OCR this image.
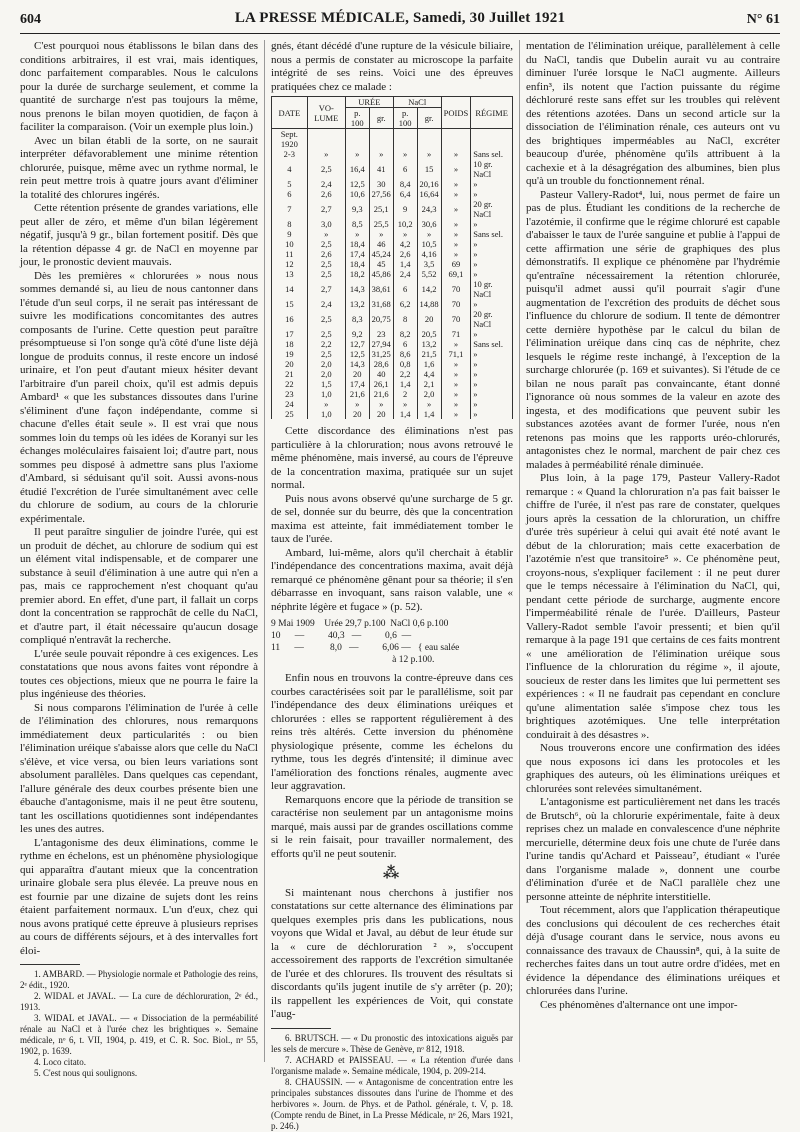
604	LA PRESSE MÉDICALE, Samedi, 30 Juillet 1921	N° 61

C'est pourquoi nous établissons le bilan dans des conditions arbitraires, il est vrai, mais identiques, donc parfaitement comparables. Nous le calculons pour la durée de surcharge seulement, et comme la quantité de surcharge n'est pas toujours la même, nous prenons le bilan moyen quotidien, de façon à faciliter la comparaison. (Voir un exemple plus loin.)

Avec un bilan établi de la sorte, on ne saurait interpréter défavorablement une minime rétention chlorurée, puisque, même avec un rythme normal, le rein peut mettre trois à quatre jours avant d'éliminer la totalité des chlorures ingérés.

Cette rétention présente de grandes variations, elle peut aller de zéro, et même d'un bilan légèrement négatif, jusqu'à 9 gr., bilan fortement positif. Dès que la rétention dépasse 4 gr. de NaCl en moyenne par jour, le pronostic devient mauvais.

Dès les premières « chlorurées » nous nous sommes demandé si, au lieu de nous cantonner dans l'étude d'un seul corps, il ne serait pas intéressant de suivre les modifications concomitantes des autres composants de l'urine. Cette question peut paraître présomptueuse si l'on songe qu'à côté d'une liste déjà longue de produits connus, il reste encore un indosé urinaire, et l'on peut d'autant mieux hésiter devant l'arbitraire d'un pareil choix, qu'il est admis depuis Ambard¹ « que les substances dissoutes dans l'urine s'éliminent d'une façon indépendante, comme si chacune d'elles était seule ». Il est vrai que nous sommes loin du temps où les idées de Koranyi sur les échanges moléculaires faisaient loi; d'autre part, nous sommes peu disposé à admettre sans plus l'axiome d'Ambard, si séduisant qu'il soit. Aussi avons-nous étudié l'excrétion de l'urée simultanément avec celle du chlorure de sodium, au cours de la chlorurie expérimentale.

Il peut paraître singulier de joindre l'urée, qui est un produit de déchet, au chlorure de sodium qui est un élément vital indispensable, et de comparer une substance à seuil d'élimination à une autre qui n'en a pas, mais ce rapprochement n'est choquant qu'au premier abord. En effet, d'une part, il fallait un corps dont la concentration se rapprochât de celle du NaCl, et d'autre part, il était nécessaire qu'aucun dosage compliqué n'entravât la recherche.

L'urée seule pouvait répondre à ces exigences. Les constatations que nous avons faites vont répondre à toutes ces objections, mieux que ne pourra le faire la plus ingénieuse des théories.

Si nous comparons l'élimination de l'urée à celle de l'élimination des chlorures, nous remarquons immédiatement deux particularités : ou bien l'élimination uréique s'abaisse alors que celle du NaCl s'élève, et vice versa, ou bien leurs variations sont absolument parallèles. Dans quelques cas cependant, l'allure générale des deux courbes présente bien une ébauche d'antagonisme, mais il ne peut être soutenu, tant les oscillations quotidiennes sont indépendantes les unes des autres.

L'antagonisme des deux éliminations, comme le rythme en échelons, est un phénomène physiologique qui apparaîtra d'autant mieux que la concentration urinaire globale sera plus élevée. La preuve nous en est fournie par une dizaine de sujets dont les reins étaient parfaitement normaux. L'un d'eux, chez qui nous avons pratiqué cette épreuve à plusieurs reprises au cours de différents séjours, et à des intervalles fort éloi-

1. AMBARD. — Physiologie normale et Pathologie des reins, 2ᵉ édit., 1920.

2. WIDAL et JAVAL. — La cure de déchloruration, 2ᵉ éd., 1913.

3. WIDAL et JAVAL. — « Dissociation de la perméabilité rénale au NaCl et à l'urée chez les brightiques ». Semaine médicale, nᵒ 6, t. VII, 1904, p. 419, et C. R. Soc. Biol., nᵒ 55, 1902, p. 1639.

4. Loco citato.

5. C'est nous qui soulignons.

gnés, étant décédé d'une rupture de la vésicule biliaire, nous a permis de constater au microscope la parfaite intégrité de ses reins. Voici une des épreuves pratiquées chez ce malade :

DATE	VO-LUME	URÉE		NaCl		POIDS	RÉGIME
		p. 100	gr.	p. 100	gr.		
Sept. 1920							
2-3	»	»	»	»	»	»	Sans sel.
4	2,5	16,4	41	6	15	»	10 gr. NaCl
5	2,4	12,5	30	8,4	20,16	»	»
6	2,6	10,6	27,56	6,4	16,64	»	»
7	2,7	9,3	25,1	9	24,3	»	20 gr. NaCl
8	3,0	8,5	25,5	10,2	30,6	»	»
9	»	»	»	»	»	»	Sans sel.
10	2,5	18,4	46	4,2	10,5	»	»
11	2,6	17,4	45,24	2,6	4,16	»	»
12	2,5	18,4	45	1,4	3,5	69	»
13	2,5	18,2	45,86	2,4	5,52	69,1	»
14	2,7	14,3	38,61	6	14,2	70	10 gr. NaCl
15	2,4	13,2	31,68	6,2	14,88	70	»
16	2,5	8,3	20,75	8	20	70	20 gr. NaCl
17	2,5	9,2	23	8,2	20,5	71	»
18	2,2	12,7	27,94	6	13,2	»	Sans sel.
19	2,5	12,5	31,25	8,6	21,5	71,1	»
20	2,0	14,3	28,6	0,8	1,6	»	»
21	2,0	20	40	2,2	4,4	»	»
22	1,5	17,4	26,1	1,4	2,1	»	»
23	1,0	21,6	21,6	2	2,0	»	»
24	»	»	»	»	»	»	»
25	1,0	20	20	1,4	1,4	»	»

Cette discordance des éliminations n'est pas particulière à la chloruration; nous avons retrouvé le même phénomène, mais inversé, au cours de l'épreuve de la concentration maxima, pratiquée sur un sujet normal.

Puis nous avons observé qu'une surcharge de 5 gr. de sel, donnée sur du beurre, dès que la concentration maxima est atteinte, fait immédiatement tomber le taux de l'urée.

Ambard, lui-même, alors qu'il cherchait à établir l'indépendance des concentrations maxima, avait déjà remarqué ce phénomène gênant pour sa théorie; il s'en débarrasse en invoquant, sans raison valable, une « néphrite légère et fugace » (p. 52).

9 Mai 1909    Urée 29,7 p.100  NaCl 0,6 p.100
10      —          40,3   —          0,6  —
11      —           8,0   —          6,06 —   { eau salée
à 12 p.100.

Enfin nous en trouvons la contre-épreuve dans ces courbes caractérisées soit par le parallélisme, soit par l'indépendance des deux éliminations uréiques et chlorurées : elles se rapportent régulièrement à des reins très altérés. Cette inversion du phénomène physiologique présente, comme les échelons du rythme, tous les degrés d'intensité; il diminue avec l'amélioration des fonctions rénales, augmente avec leur aggravation.

Remarquons encore que la période de transition se caractérise non seulement par un antagonisme moins marqué, mais aussi par de grandes oscillations comme si le rein faisait, pour travailler normalement, des efforts qu'il ne peut soutenir.

⁂

Si maintenant nous cherchons à justifier nos constatations sur cette alternance des éliminations par quelques exemples pris dans les publications, nous voyons que Widal et Javal, au début de leur étude sur la « cure de déchloruration ² », s'occupent accessoirement des rapports de l'excrétion simultanée de l'urée et des chlorures. Ils trouvent des résultats si discordants qu'ils jugent inutile de s'y arrêter (p. 20); ils rappellent les expériences de Voit, qui constate l'aug-

6. BRUTSCH. — « Du pronostic des intoxications aiguës par les sels de mercure ». Thèse de Genève, nᵒ 812, 1918.

7. ACHARD et PAISSEAU. — « La rétention d'urée dans l'organisme malade ». Semaine médicale, 1904, p. 209-214.

8. CHAUSSIN. — « Antagonisme de concentration entre les principales substances dissoutes dans l'urine de l'homme et des herbivores ». Journ. de Phys. et de Pathol. générale, t. V, p. 18. (Compte rendu de Binet, in La Presse Médicale, nᵒ 26, Mars 1921, p. 246.)

mentation de l'élimination uréique, parallèlement à celle du NaCl, tandis que Dubelin aurait vu au contraire diminuer l'urée lorsque le NaCl augmente. Ailleurs enfin³, ils notent que l'action puissante du régime déchloruré reste sans effet sur les troubles qui relèvent des rétentions azotées. Dans un second article sur la dissociation de l'élimination rénale, ces auteurs ont vu des brightiques imperméables au NaCl, excréter beaucoup d'urée, phénomène qu'ils attribuent à la cachexie et à la désagrégation des albumines, bien plus qu'à un trouble du fonctionnement rénal.

Pasteur Vallery-Radot⁴, lui, nous permet de faire un pas de plus. Étudiant les conditions de la recherche de l'azotémie, il confirme que le régime chloruré est capable d'abaisser le taux de l'urée sanguine et publie à l'appui de cette affirmation une série de graphiques des plus démonstratifs. Il explique ce phénomène par l'hydrémie qu'entraîne nécessairement la rétention chlorurée, puisqu'il admet aussi qu'il pourrait s'agir d'une augmentation de l'excrétion des produits de déchet sous l'influence du chlorure de sodium. Il tente de démontrer cette dernière hypothèse par le calcul du bilan de l'élimination uréique dans cinq cas de néphrite, chez lesquels le régime reste inchangé, à l'exception de la surcharge chlorurée (p. 169 et suivantes). Si l'étude de ce bilan ne nous paraît pas convaincante, étant donné l'ignorance où nous sommes de la valeur en azote des ingesta, et des modifications que peuvent subir les substances azotées avant de former l'urée, nous n'en retenons pas moins que les rapports uréo-chlorurés, antagonistes chez le normal, marchent de pair chez ces malades à perméabilité rénale diminuée.

Plus loin, à la page 179, Pasteur Vallery-Radot remarque : « Quand la chloruration n'a pas fait baisser le chiffre de l'urée, il n'est pas rare de constater, quelques jours après la cessation de la chloruration, un chiffre d'urée très supérieur à celui qui avait été noté avant le début de la chloruration; mais cette exacerbation de l'azotémie n'est que transitoire⁵ ». Ce phénomène peut, croyons-nous, s'expliquer facilement : il ne peut durer que le temps nécessaire à l'élimination du NaCl, qui, pendant cette période de surcharge, augmente encore l'imperméabilité rénale de l'urée. D'ailleurs, Pasteur Vallery-Radot semble l'avoir pressenti; et bien qu'il remarque à la page 191 que certains de ces faits montrent « une amélioration de l'élimination uréique sous l'influence de la chloruration du régime », il ajoute, soucieux de rester dans les limites que lui permettent ses expériences : « Il ne faudrait pas cependant en conclure qu'une alimentation salée s'impose chez tous les brightiques azotémiques. Une telle interprétation conduirait à des désastres ».

Nous trouverons encore une confirmation des idées que nous exposons ici dans les protocoles et les graphiques des auteurs, où les éliminations uréiques et chlorurées sont relevées simultanément.

L'antagonisme est particulièrement net dans les tracés de Brutsch⁶, où la chlorurie expérimentale, faite à deux reprises chez un malade en convalescence d'une néphrite mercurielle, détermine deux fois une chute de l'urée dans l'urine tandis qu'Achard et Paisseau⁷, étudiant « l'urée dans l'organisme malade », donnent une courbe d'élimination d'urée et de NaCl parallèle chez une personne atteinte de néphrite interstitielle.

Tout récemment, alors que l'application thérapeutique des conclusions qui découlent de ces recherches était déjà d'usage courant dans le service, nous avons eu connaissance des travaux de Chaussin⁸, qui, à la suite de recherches faites dans un tout autre ordre d'idées, met en évidence la dépendance des éliminations uréiques et chlorurées dans l'urine.

Ces phénomènes d'alternance ont une impor-
